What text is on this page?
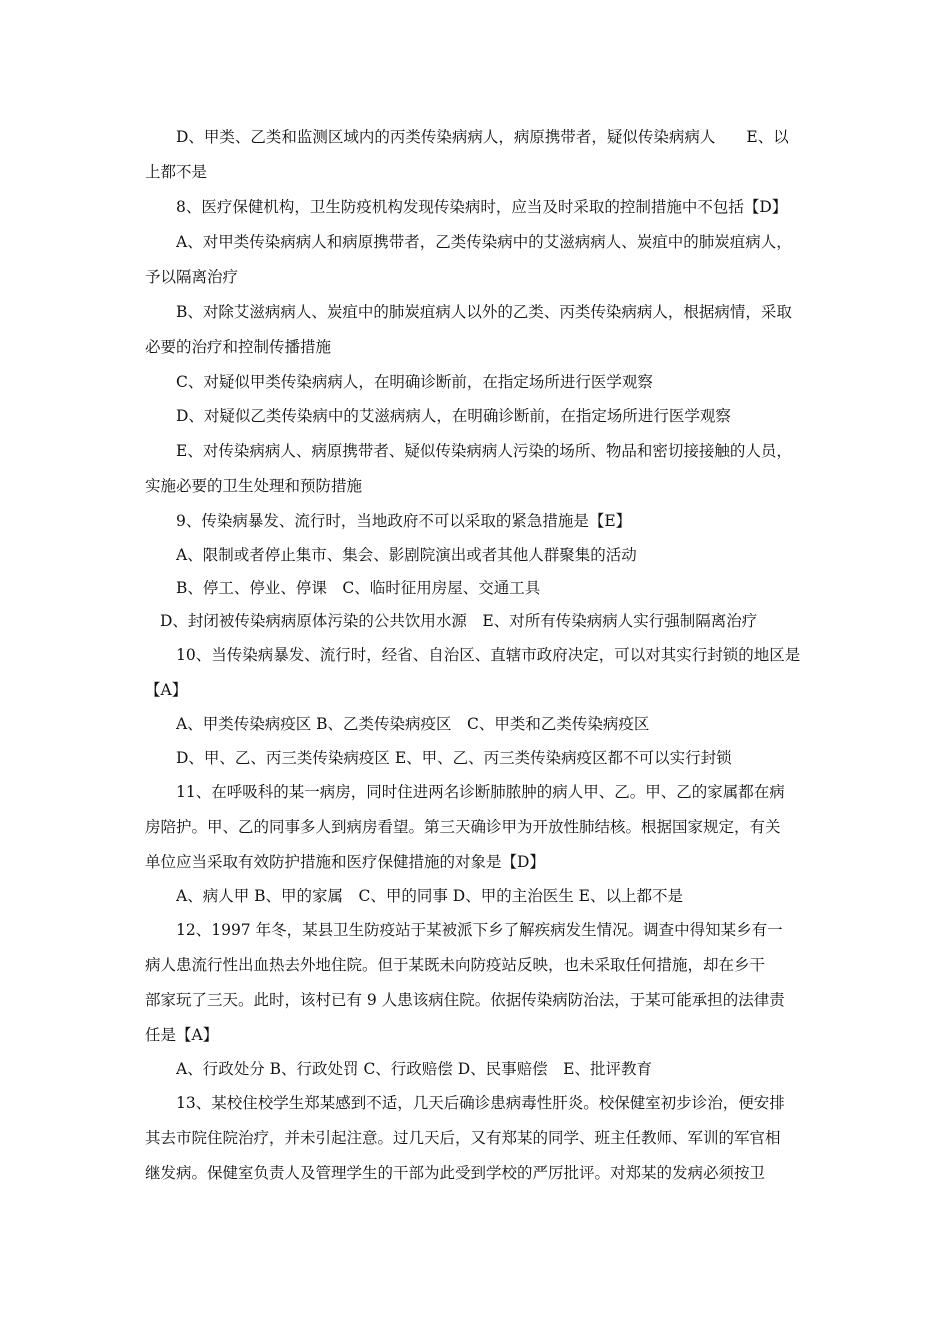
D、甲类、乙类和监测区域内的丙类传染病病人，病原携带者，疑似传染病病人　　E、以
上都不是
8、医疗保健机构，卫生防疫机构发现传染病时，应当及时采取的控制措施中不包括【D】
A、对甲类传染病病人和病原携带者，乙类传染病中的艾滋病病人、炭疽中的肺炭疽病人，
予以隔离治疗
B、对除艾滋病病人、炭疽中的肺炭疽病人以外的乙类、丙类传染病病人，根据病情，采取
必要的治疗和控制传播措施
C、对疑似甲类传染病病人，在明确诊断前，在指定场所进行医学观察
D、对疑似乙类传染病中的艾滋病病人，在明确诊断前，在指定场所进行医学观察
E、对传染病病人、病原携带者、疑似传染病病人污染的场所、物品和密切接接触的人员，
实施必要的卫生处理和预防措施
9、传染病暴发、流行时，当地政府不可以采取的紧急措施是【E】
A、限制或者停止集市、集会、影剧院演出或者其他人群聚集的活动
B、停工、停业、停课　C、临时征用房屋、交通工具
D、封闭被传染病病原体污染的公共饮用水源　E、对所有传染病病人实行强制隔离治疗
10、当传染病暴发、流行时，经省、自治区、直辖市政府决定，可以对其实行封锁的地区是
【A】
A、甲类传染病疫区 B、乙类传染病疫区　C、甲类和乙类传染病疫区
D、甲、乙、丙三类传染病疫区 E、甲、乙、丙三类传染病疫区都不可以实行封锁
11、在呼吸科的某一病房，同时住进两名诊断肺脓肿的病人甲、乙。甲、乙的家属都在病
房陪护。甲、乙的同事多人到病房看望。第三天确诊甲为开放性肺结核。根据国家规定，有关
单位应当采取有效防护措施和医疗保健措施的对象是【D】
A、病人甲 B、甲的家属　C、甲的同事 D、甲的主治医生 E、以上都不是
12、1997 年冬，某县卫生防疫站于某被派下乡了解疾病发生情况。调查中得知某乡有一
病人患流行性出血热去外地住院。但于某既未向防疫站反映，也未采取任何措施，却在乡干
部家玩了三天。此时，该村已有 9 人患该病住院。依据传染病防治法，于某可能承担的法律责
任是【A】
A、行政处分 B、行政处罚 C、行政赔偿 D、民事赔偿　E、批评教育
13、某校住校学生郑某感到不适，几天后确诊患病毒性肝炎。校保健室初步诊治，便安排
其去市院住院治疗，并未引起注意。过几天后，又有郑某的同学、班主任教师、军训的军官相
继发病。保健室负责人及管理学生的干部为此受到学校的严厉批评。对郑某的发病必须按卫
